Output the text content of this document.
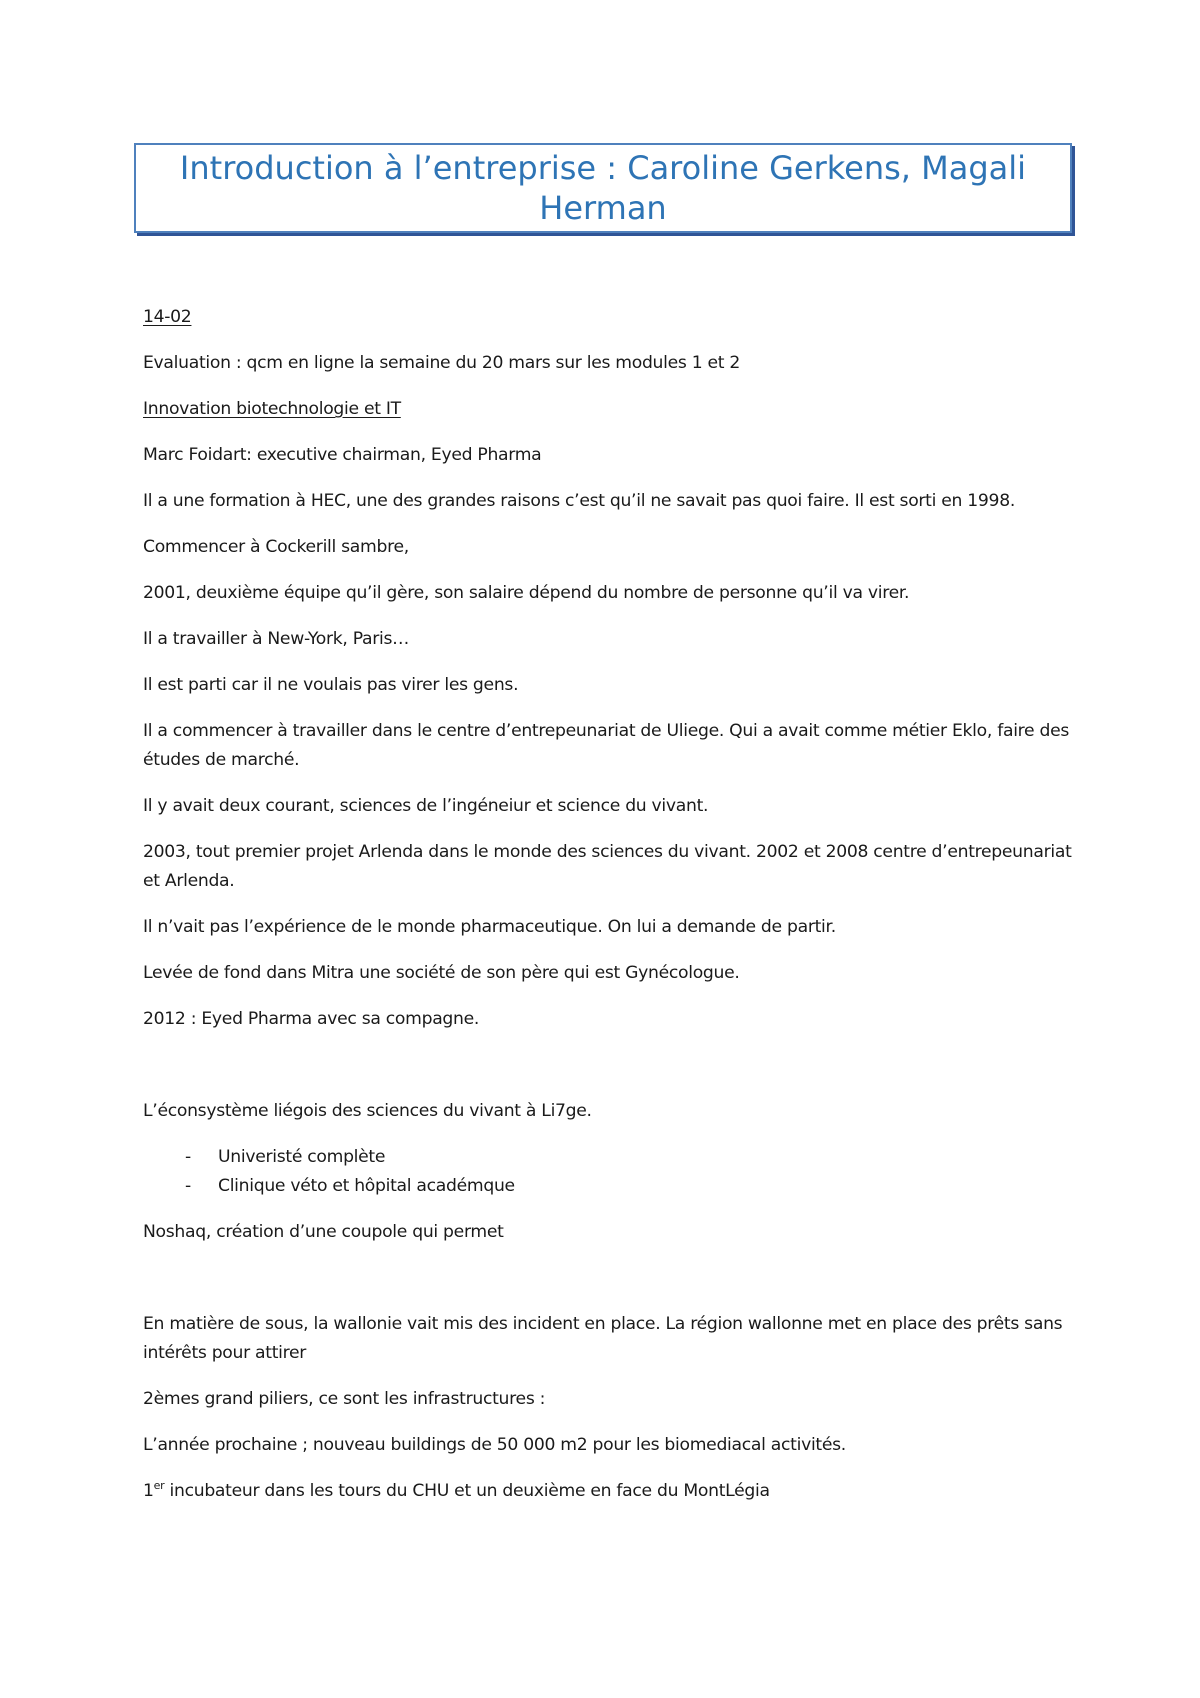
Introduction à l’entreprise : Caroline Gerkens, Magali Herman

14-02

Evaluation : qcm en ligne la semaine du 20 mars sur les modules 1 et 2

Innovation biotechnologie et IT

Marc Foidart: executive chairman, Eyed Pharma

Il a une formation à HEC, une des grandes raisons c’est qu’il ne savait pas quoi faire. Il est sorti en 1998.

Commencer à Cockerill sambre,

2001, deuxième équipe qu’il gère, son salaire dépend du nombre de personne qu’il va virer.

Il a travailler à New-York, Paris…

Il est parti car il ne voulais pas virer les gens.

Il a commencer à travailler dans le centre d’entrepeunariat de Uliege. Qui a avait comme métier Eklo, faire des études de marché.

Il y avait deux courant, sciences de l’ingéneiur et science du vivant.

2003, tout premier projet Arlenda dans le monde des sciences du vivant. 2002 et 2008 centre d’entrepeunariat et Arlenda.

Il n’vait pas l’expérience de le monde pharmaceutique. On lui a demande de partir.

Levée de fond dans Mitra une société de son père qui est Gynécologue.

2012 : Eyed Pharma avec sa compagne.

L’éconsystème liégois des sciences du vivant à Li7ge.

-	Univeristé complète
-	Clinique véto et hôpital académque

Noshaq, création d’une coupole qui permet

En matière de sous, la wallonie vait mis des incident en place. La région wallonne met en place des prêts sans intérêts pour attirer

2èmes grand piliers, ce sont les infrastructures :

L’année prochaine ; nouveau buildings de 50 000 m2 pour les biomediacal activités.

1er incubateur dans les tours du CHU et un deuxième en face du MontLégia
